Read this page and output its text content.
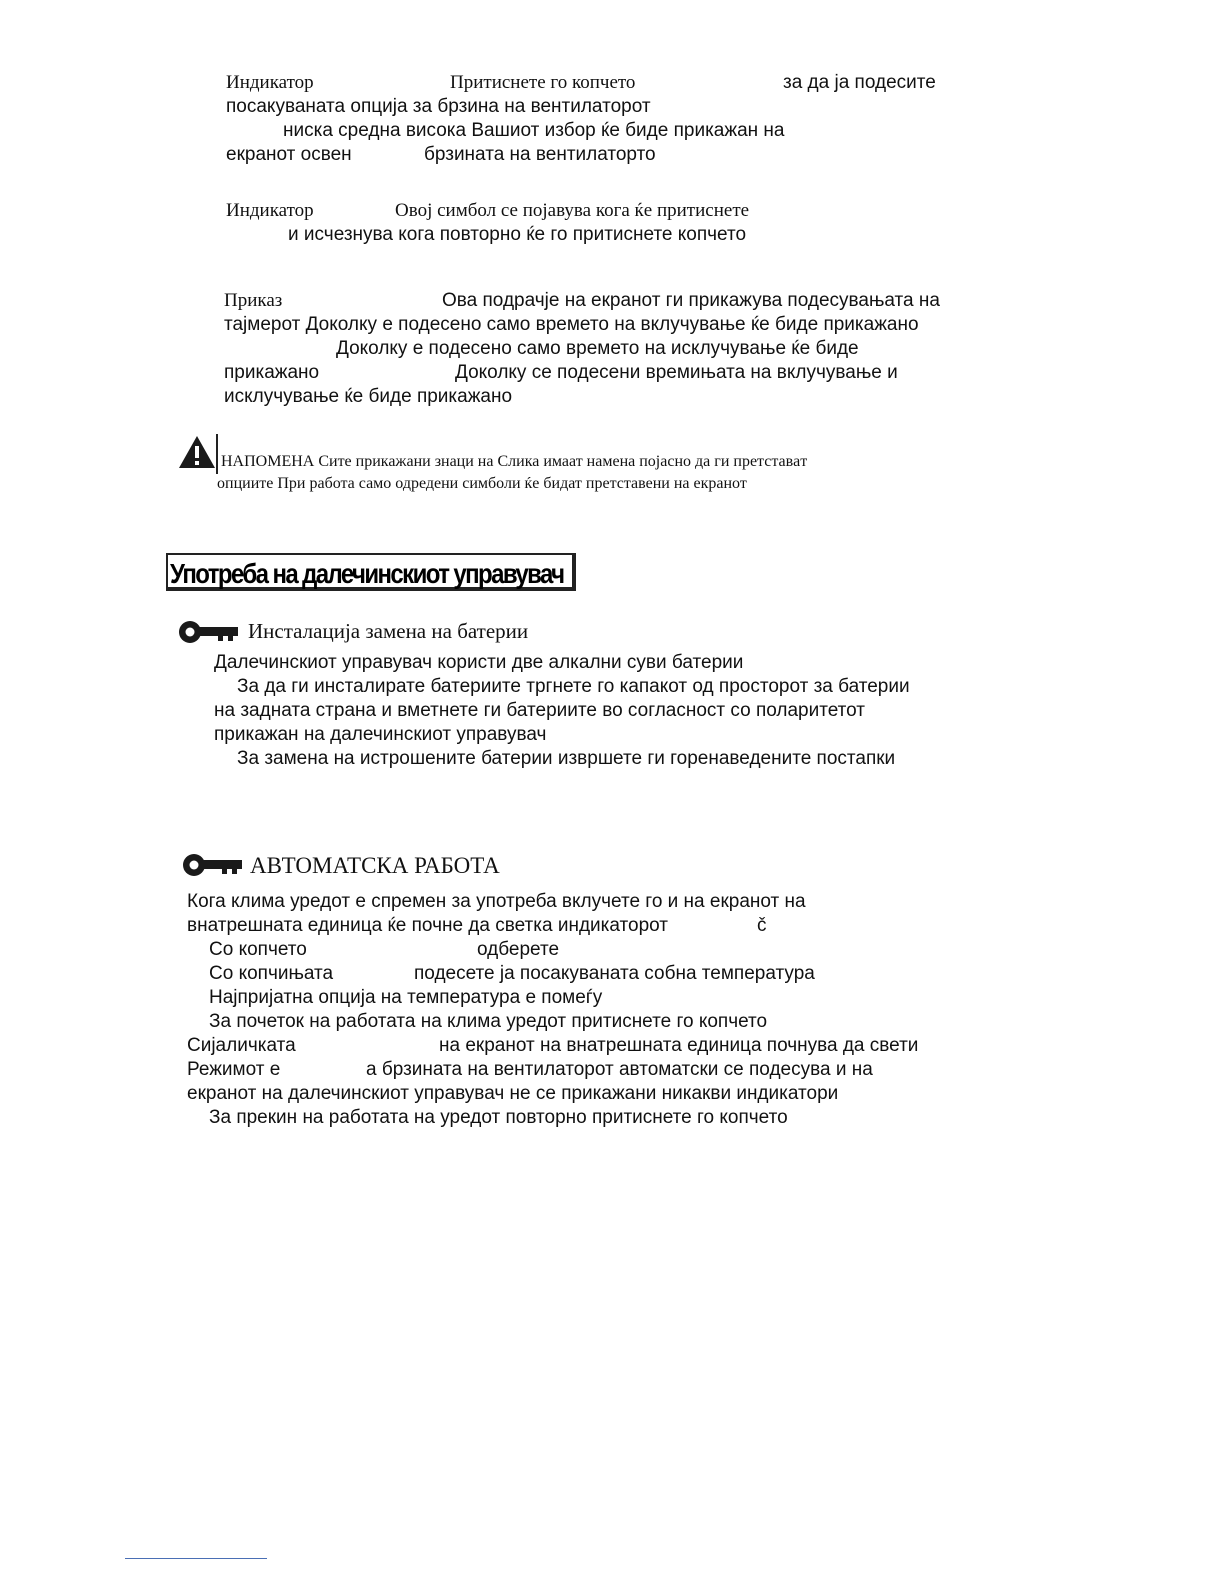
Индикатор	Притиснете го копчето	за да ја подесите
посакуваната опција за брзина на вентилаторот
ниска средна висока Вашиот избор ќе биде прикажан на
екранот освен	брзината на вентилаторто
Индикатор	Овој симбол се појавува кога ќе притиснете
и исчезнува кога повторно ќе го притиснете копчето
Приказ	Ова подрачје на екранот ги прикажува подесувањата на
тајмерот Доколку е подесено само времето на вклучување ќе биде прикажано
Доколку е подесено само времето на исклучување ќе биде
прикажано	Доколку се подесени времињата на вклучување и
исклучување ќе биде прикажано
НАПОМЕНА Сите прикажани знаци на Слика имаат намена појасно да ги претставaт
опциите При работа само одредени симболи ќе бидат претставени на екранот
Употреба на далечинскиот управувач
Инсталација замена на батерии
Далечинскиот управувач користи две алкални суви батерии
За да ги инсталирате батериите тргнете го капакот од просторот за батерии
на задната страна и вметнете ги батериите во согласност со поларитетот
прикажан на далечинскиот управувач
За замена на истрошените батерии извршете ги горенаведените постапки
АВТОМАТСКА РАБОТА
Кога клима уредот е спремен за употреба вклучете го и на екранот на
внатрешната единица ќе почне да светка индикаторот	č
Со копчето	одберете
Со копчињата	подесете ја посакуваната собна температура
Најпријатна опција на температура е помеѓу
За почеток на работата на клима уредот притиснете го копчето
Сијаличката	на екранот на внатрешната единица почнува да свети
Режимот е	а брзината на вентилаторот автоматски се подесува и на
екранот на далечинскиот управувач не се прикажани никакви индикатори
За прекин на работата на уредот повторно притиснете го копчето
